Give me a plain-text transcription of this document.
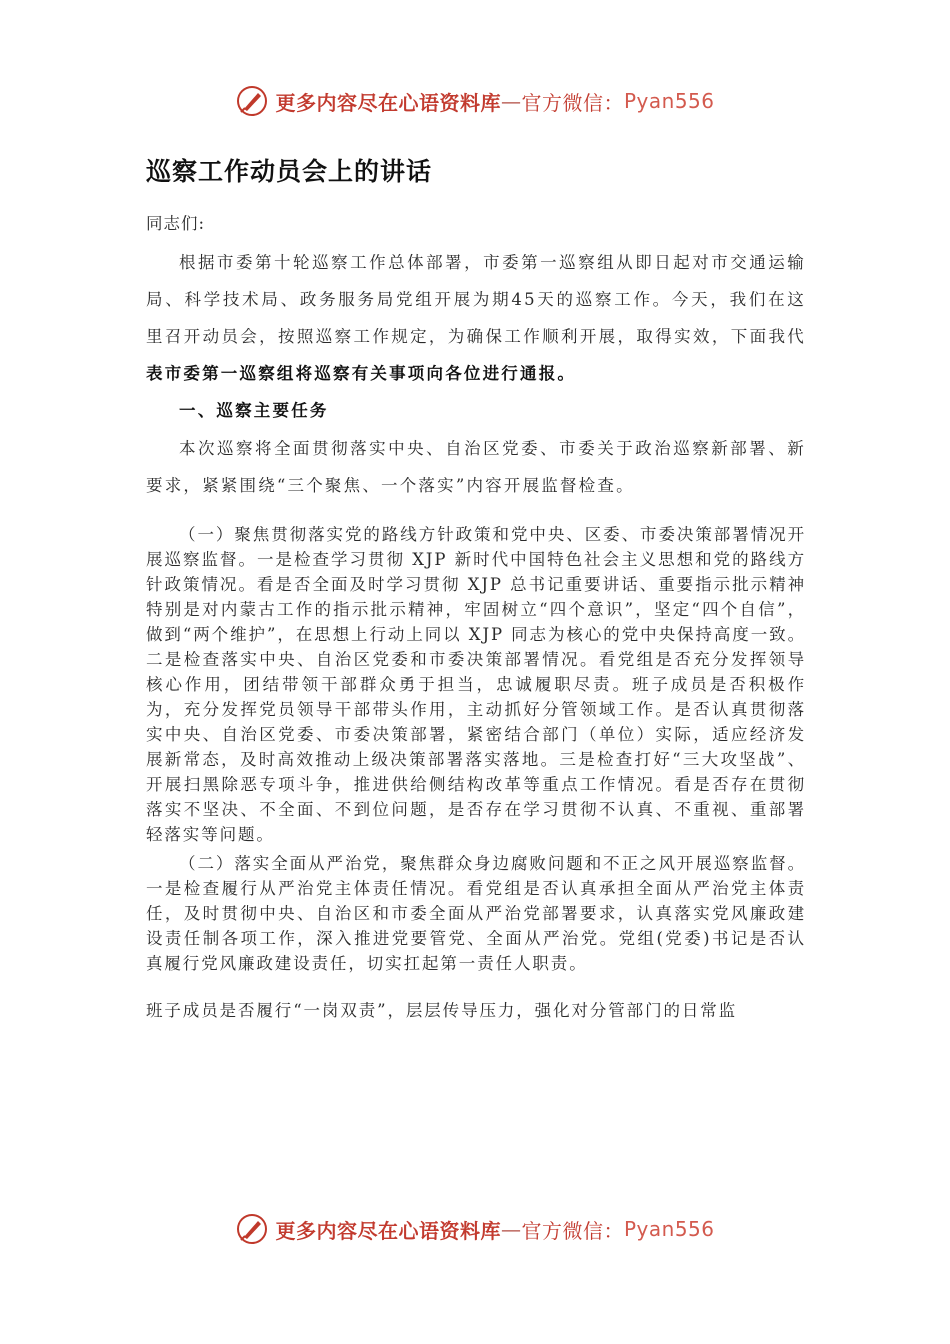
更多内容尽在心语资料库 — 官方微信： Pyan556
巡察工作动员会上的讲话

同志们:

根据市委第十轮巡察工作总体部署，市委第一巡察组从即日起对市交通运输局、科学技术局、政务服务局党组开展为期45天的巡察工作。今天，我们在这里召开动员会，按照巡察工作规定，为确保工作顺利开展，取得实效，下面我代表市委第一巡察组将巡察有关事项向各位进行通报。

一、巡察主要任务

本次巡察将全面贯彻落实中央、自治区党委、市委关于政治巡察新部署、新要求，紧紧围绕“三个聚焦、一个落实”内容开展监督检查。

（一）聚焦贯彻落实党的路线方针政策和党中央、区委、市委决策部署情况开展巡察监督。一是检查学习贯彻 XJP 新时代中国特色社会主义思想和党的路线方针政策情况。看是否全面及时学习贯彻 XJP 总书记重要讲话、重要指示批示精神特别是对内蒙古工作的指示批示精神，牢固树立“四个意识”，坚定“四个自信”，做到“两个维护”，在思想上行动上同以 XJP 同志为核心的党中央保持高度一致。二是检查落实中央、自治区党委和市委决策部署情况。看党组是否充分发挥领导核心作用，团结带领干部群众勇于担当，忠诚履职尽责。班子成员是否积极作为，充分发挥党员领导干部带头作用，主动抓好分管领域工作。是否认真贯彻落实中央、自治区党委、市委决策部署，紧密结合部门（单位）实际，适应经济发展新常态，及时高效推动上级决策部署落实落地。三是检查打好“三大攻坚战”、开展扫黑除恶专项斗争，推进供给侧结构改革等重点工作情况。看是否存在贯彻落实不坚决、不全面、不到位问题，是否存在学习贯彻不认真、不重视、重部署轻落实等问题。

（二）落实全面从严治党，聚焦群众身边腐败问题和不正之风开展巡察监督。一是检查履行从严治党主体责任情况。看党组是否认真承担全面从严治党主体责任，及时贯彻中央、自治区和市委全面从严治党部署要求，认真落实党风廉政建设责任制各项工作，深入推进党要管党、全面从严治党。党组(党委)书记是否认真履行党风廉政建设责任，切实扛起第一责任人职责。

班子成员是否履行“一岗双责”，层层传导压力，强化对分管部门的日常监

更多内容尽在心语资料库 — 官方微信： Pyan556
